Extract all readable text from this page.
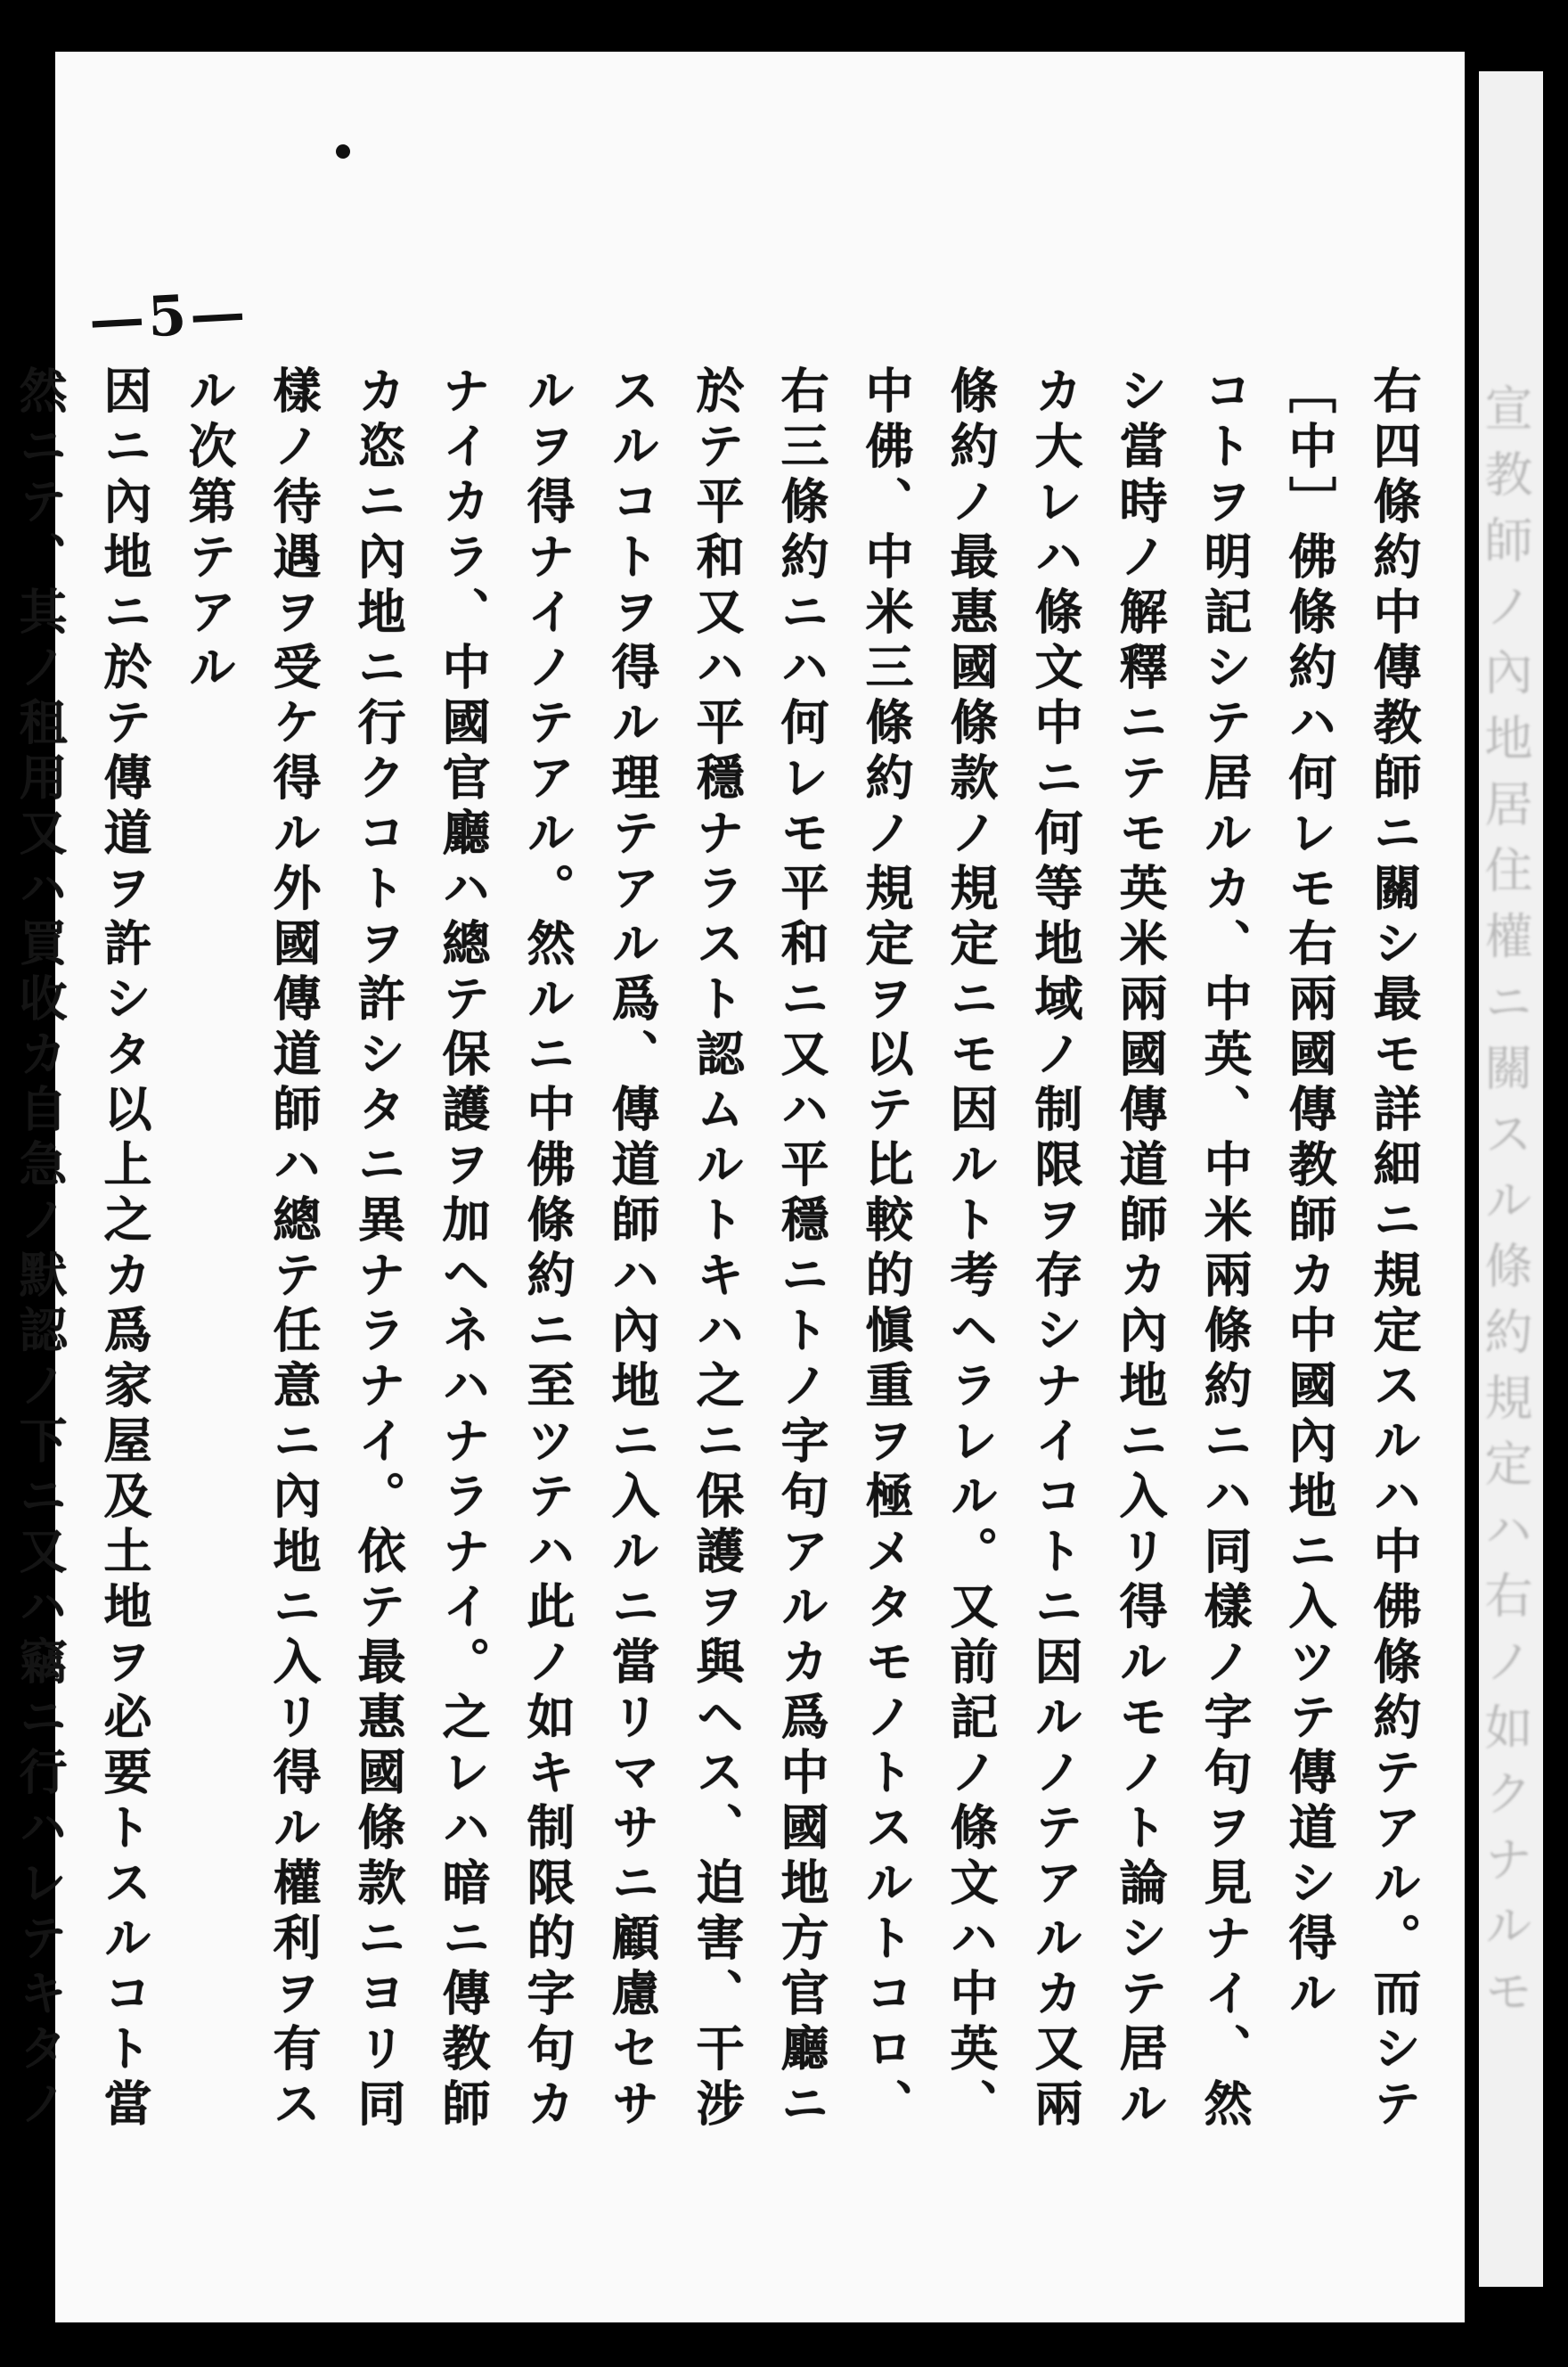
宣教師ノ內地居住權ニ關スル條約規定ハ右ノ如クナルモ
—5—
右四條約中傳教師ニ關シ最モ詳細ニ規定スルハ中佛條約テアル。而シテ
［中］佛條約ハ何レモ右兩國傳教師カ中國內地ニ入ツテ傳道シ得ル
コトヲ明記シテ居ルカ、中英、中米兩條約ニハ同樣ノ字句ヲ見ナイ、然
シ當時ノ解釋ニテモ英米兩國傳道師カ內地ニ入リ得ルモノト論シテ居ル
カ大レハ條文中ニ何等地域ノ制限ヲ存シナイコトニ因ルノテアルカ又兩
條約ノ最惠國條款ノ規定ニモ因ルト考ヘラレル。又前記ノ條文ハ中英、
中佛、中米三條約ノ規定ヲ以テ比較的愼重ヲ極メタモノトスルトコロ、
右三條約ニハ何レモ平和ニ又ハ平穩ニトノ字句アルカ爲中國地方官廳ニ
於テ平和又ハ平穩ナラスト認ムルトキハ之ニ保護ヲ與ヘス、迫害、干涉
スルコトヲ得ル理テアル爲、傳道師ハ內地ニ入ルニ當リマサニ顧慮セサ
ルヲ得ナイノテアル。然ルニ中佛條約ニ至ツテハ此ノ如キ制限的字句カ
ナイカラ、中國官廳ハ總テ保護ヲ加ヘネハナラナイ。之レハ暗ニ傳教師
カ恣ニ內地ニ行クコトヲ許シタニ異ナラナイ。依テ最惠國條款ニヨリ同
樣ノ待遇ヲ受ケ得ル外國傳道師ハ總テ任意ニ內地ニ入リ得ル權利ヲ有ス
ル次第テアル
因ニ內地ニ於テ傳道ヲ許シタ以上之カ爲家屋及土地ヲ必要トスルコト當
然ニテ、其ノ租用又ハ買收カ自急ノ默認ノ下ニ又ハ竊ニ行ハレテキタノ
